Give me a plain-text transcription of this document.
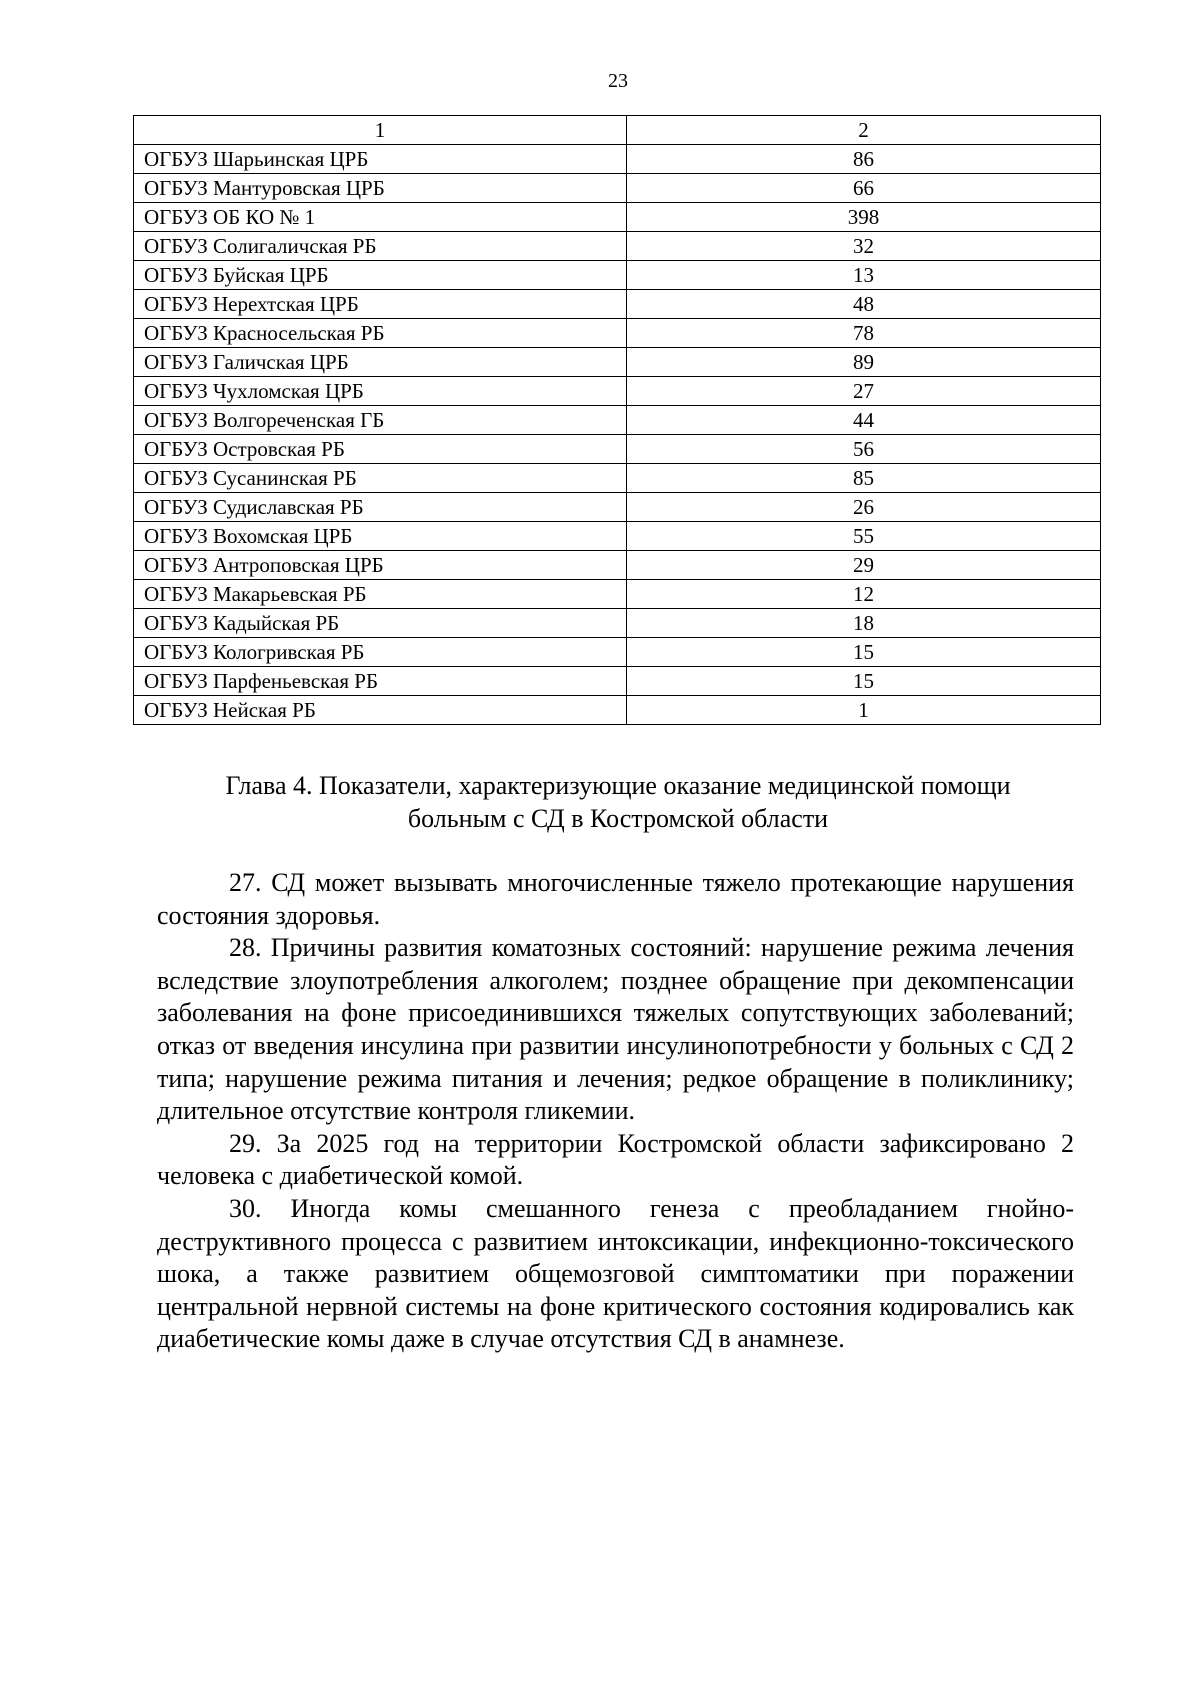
23
1	2
ОГБУЗ Шарьинская ЦРБ	86
ОГБУЗ Мантуровская ЦРБ	66
ОГБУЗ ОБ КО № 1	398
ОГБУЗ Солигаличская РБ	32
ОГБУЗ Буйская ЦРБ	13
ОГБУЗ Нерехтская ЦРБ	48
ОГБУЗ Красносельская РБ	78
ОГБУЗ Галичская ЦРБ	89
ОГБУЗ Чухломская ЦРБ	27
ОГБУЗ Волгореченская ГБ	44
ОГБУЗ Островская РБ	56
ОГБУЗ Сусанинская РБ	85
ОГБУЗ Судиславская РБ	26
ОГБУЗ Вохомская ЦРБ	55
ОГБУЗ Антроповская ЦРБ	29
ОГБУЗ Макарьевская РБ	12
ОГБУЗ Кадыйская РБ	18
ОГБУЗ Кологривская РБ	15
ОГБУЗ Парфеньевская РБ	15
ОГБУЗ Нейская РБ	1
Глава 4. Показатели, характеризующие оказание медицинской помощи
больным с СД в Костромской области

27. СД может вызывать многочисленные тяжело протекающие нарушения состояния здоровья.

28. Причины развития коматозных состояний: нарушение режима лечения вследствие злоупотребления алкоголем; позднее обращение при декомпенсации заболевания на фоне присоединившихся тяжелых сопутствующих заболеваний; отказ от введения инсулина при развитии инсулинопотребности у больных с СД 2 типа; нарушение режима питания и лечения; редкое обращение в поликлинику; длительное отсутствие контроля гликемии.

29. За 2025 год на территории Костромской области зафиксировано 2 человека с диабетической комой.

30. Иногда комы смешанного генеза с преобладанием гнойно-деструктивного процесса с развитием интоксикации, инфекционно-токсического шока, а также развитием общемозговой симптоматики при поражении центральной нервной системы на фоне критического состояния кодировались как диабетические комы даже в случае отсутствия СД в анамнезе.
